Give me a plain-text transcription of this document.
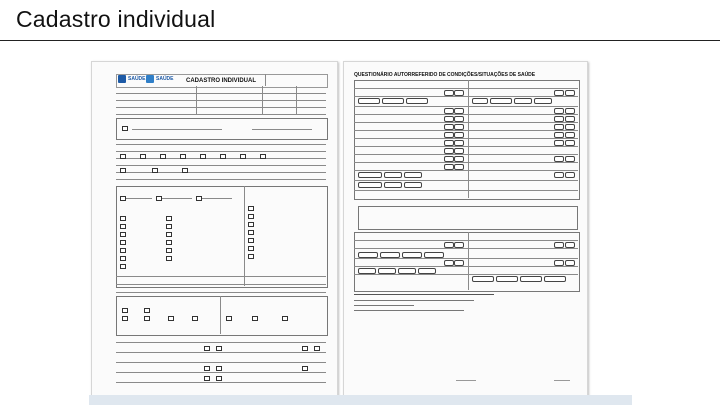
Cadastro individual
SAÚDE SAÚDE CADASTRO INDIVIDUAL
QUESTIONÁRIO AUTORREFERIDO DE CONDIÇÕES/SITUAÇÕES DE SAÚDE
